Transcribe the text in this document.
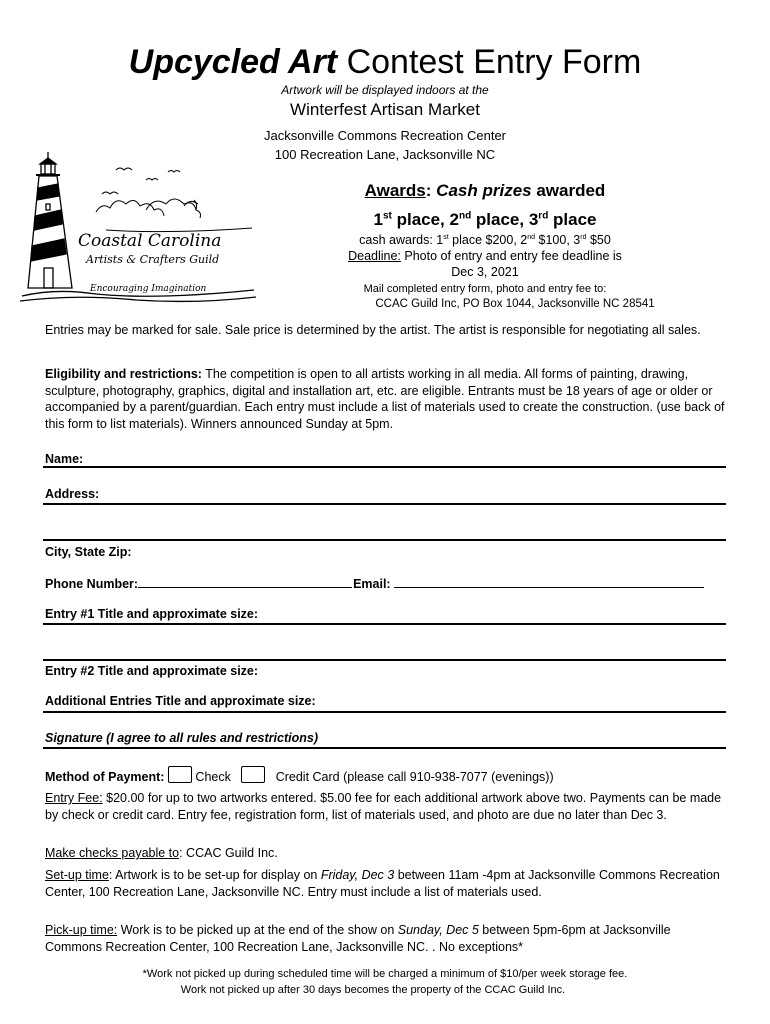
Upcycled Art Contest Entry Form
Artwork will be displayed indoors at the
Winterfest Artisan Market
Jacksonville Commons Recreation Center
100 Recreation Lane, Jacksonville NC
Coastal Carolina
Artists & Crafters Guild
Encouraging Imagination
Awards: Cash prizes awarded
1st place, 2nd place, 3rd place
cash awards: 1st place $200, 2nd $100, 3rd $50
Deadline: Photo of entry and entry fee deadline is
Dec 3, 2021
Mail completed entry form, photo and entry fee to:
CCAC Guild Inc, PO Box 1044, Jacksonville NC 28541
Entries may be marked for sale. Sale price is determined by the artist. The artist is responsible for negotiating all sales.
Eligibility and restrictions: The competition is open to all artists working in all media. All forms of painting, drawing, sculpture, photography, graphics, digital and installation art, etc. are eligible. Entrants must be 18 years of age or older or accompanied by a parent/guardian. Each entry must include a list of materials used to create the construction. (use back of this form to list materials). Winners announced Sunday at 5pm.
Name:
Address:
City, State Zip:
Phone Number:	Email:
Entry #1 Title and approximate size:
Entry #2 Title and approximate size:
Additional Entries Title and approximate size:
Signature (I agree to all rules and restrictions)
Method of Payment: Check	Credit Card (please call 910-938-7077 (evenings))
Entry Fee: $20.00 for up to two artworks entered. $5.00 fee for each additional artwork above two. Payments can be made by check or credit card. Entry fee, registration form, list of materials used, and photo are due no later than Dec 3.
Make checks payable to: CCAC Guild Inc.
Set-up time: Artwork is to be set-up for display on Friday, Dec 3 between 11am -4pm at Jacksonville Commons Recreation Center, 100 Recreation Lane, Jacksonville NC. Entry must include a list of materials used.
Pick-up time: Work is to be picked up at the end of the show on Sunday, Dec 5 between 5pm-6pm at Jacksonville Commons Recreation Center, 100 Recreation Lane, Jacksonville NC. . No exceptions*
*Work not picked up during scheduled time will be charged a minimum of $10/per week storage fee.
Work not picked up after 30 days becomes the property of the CCAC Guild Inc.
